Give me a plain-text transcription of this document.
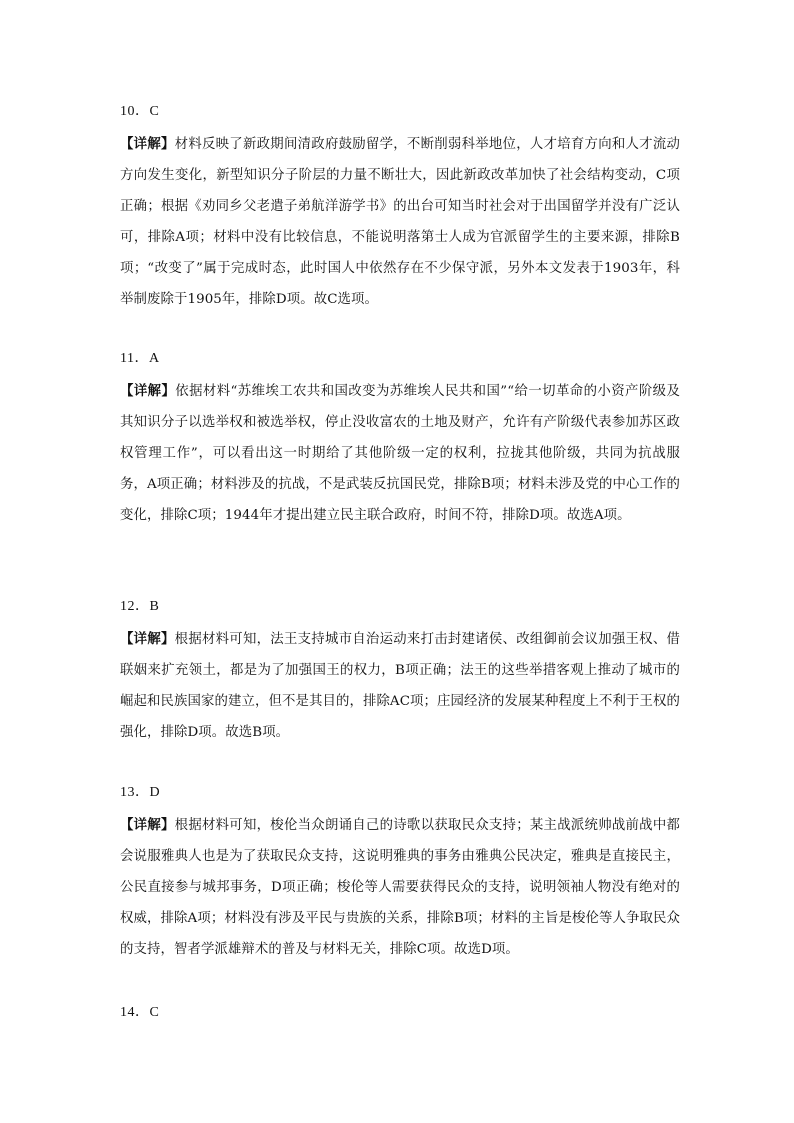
10．C

【详解】材料反映了新政期间清政府鼓励留学，不断削弱科举地位，人才培育方向和人才流动方向发生变化，新型知识分子阶层的力量不断壮大，因此新政改革加快了社会结构变动，C项正确；根据《劝同乡父老遣子弟航洋游学书》的出台可知当时社会对于出国留学并没有广泛认可，排除A项；材料中没有比较信息，不能说明落第士人成为官派留学生的主要来源，排除B项；“改变了”属于完成时态，此时国人中依然存在不少保守派，另外本文发表于1903年，科举制废除于1905年，排除D项。故C选项。

11．A

【详解】依据材料“苏维埃工农共和国改变为苏维埃人民共和国”“给一切革命的小资产阶级及其知识分子以选举权和被选举权，停止没收富农的土地及财产，允许有产阶级代表参加苏区政权管理工作”，可以看出这一时期给了其他阶级一定的权利，拉拢其他阶级，共同为抗战服务，A项正确；材料涉及的抗战，不是武装反抗国民党，排除B项；材料未涉及党的中心工作的变化，排除C项；1944年才提出建立民主联合政府，时间不符，排除D项。故选A项。

12．B

【详解】根据材料可知，法王支持城市自治运动来打击封建诸侯、改组御前会议加强王权、借联姻来扩充领土，都是为了加强国王的权力，B项正确；法王的这些举措客观上推动了城市的崛起和民族国家的建立，但不是其目的，排除AC项；庄园经济的发展某种程度上不利于王权的强化，排除D项。故选B项。

13．D

【详解】根据材料可知，梭伦当众朗诵自己的诗歌以获取民众支持；某主战派统帅战前战中都会说服雅典人也是为了获取民众支持，这说明雅典的事务由雅典公民决定，雅典是直接民主，公民直接参与城邦事务，D项正确；梭伦等人需要获得民众的支持，说明领袖人物没有绝对的权威，排除A项；材料没有涉及平民与贵族的关系，排除B项；材料的主旨是梭伦等人争取民众的支持，智者学派雄辩术的普及与材料无关，排除C项。故选D项。

14．C
